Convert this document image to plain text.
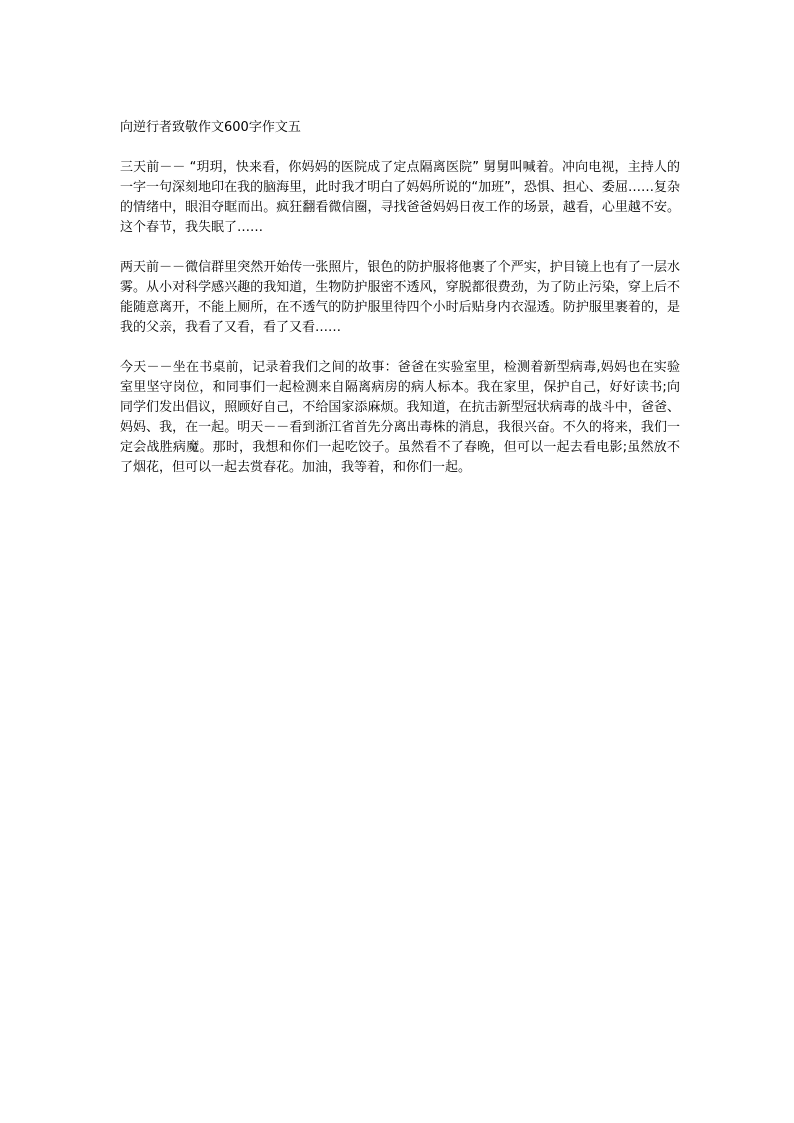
向逆行者致敬作文600字作文五

三天前－－ “玥玥，快来看，你妈妈的医院成了定点隔离医院” 舅舅叫喊着。冲向电视，主持人的一字一句深刻地印在我的脑海里，此时我才明白了妈妈所说的“加班”，恐惧、担心、委屈……复杂的情绪中，眼泪夺眶而出。疯狂翻看微信圈，寻找爸爸妈妈日夜工作的场景，越看，心里越不安。这个春节，我失眠了……

两天前－－微信群里突然开始传一张照片，银色的防护服将他裹了个严实，护目镜上也有了一层水雾。从小对科学感兴趣的我知道，生物防护服密不透风，穿脱都很费劲，为了防止污染，穿上后不能随意离开，不能上厕所，在不透气的防护服里待四个小时后贴身内衣湿透。防护服里裹着的，是我的父亲，我看了又看，看了又看……

今天－－坐在书桌前，记录着我们之间的故事：爸爸在实验室里，检测着新型病毒,妈妈也在实验室里坚守岗位，和同事们一起检测来自隔离病房的病人标本。我在家里，保护自己，好好读书;向同学们发出倡议，照顾好自己，不给国家添麻烦。我知道，在抗击新型冠状病毒的战斗中，爸爸、妈妈、我，在一起。明天－－看到浙江省首先分离出毒株的消息，我很兴奋。不久的将来，我们一定会战胜病魔。那时，我想和你们一起吃饺子。虽然看不了春晚，但可以一起去看电影;虽然放不了烟花，但可以一起去赏春花。加油，我等着，和你们一起。
